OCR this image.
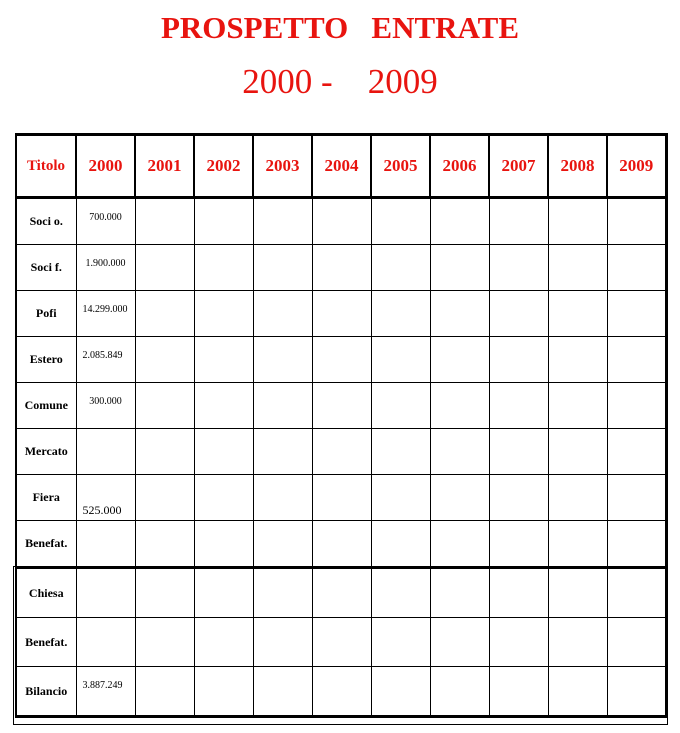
PROSPETTO   ENTRATE
2000 -    2009
Titolo	2000	2001	2002	2003	2004	2005	2006	2007	2008	2009
Soci o.	700.000									

Soci f.	1.900.000									

Pofi	14.299.000									

Estero	2.085.849									

Comune	300.000									

Mercato	

Fiera	525.000									

Benefat.	

Chiesa	

Benefat.	

Bilancio	3.887.249									
